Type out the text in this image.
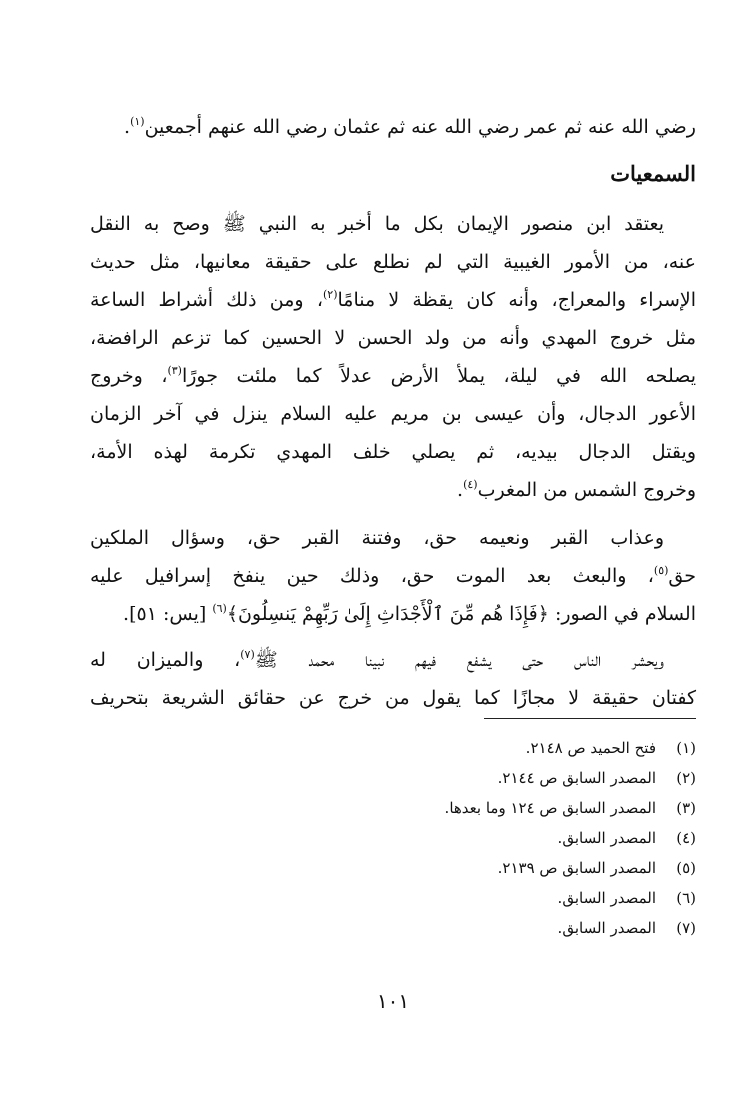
رضي الله عنه ثم عمر رضي الله عنه ثم عثمان رضي الله عنهم أجمعين$^{(١)}$.
السمعيات
يعتقد ابن منصور الإيمان بكل ما أخبر به النبي ﷺ وصح به النقل
عنه، من الأمور الغيبية التي لم نطلع على حقيقة معانيها، مثل حديث
الإسراء والمعراج، وأنه كان يقظة لا منامًا$^{(٢)}$، ومن ذلك أشراط الساعة
مثل خروج المهدي وأنه من ولد الحسن لا الحسين كما تزعم الرافضة،
يصلحه الله في ليلة، يملأ الأرض عدلاً كما ملئت جورًا$^{(٣)}$، وخروج
الأعور الدجال، وأن عيسى بن مريم عليه السلام ينزل في آخر الزمان
ويقتل الدجال بيديه، ثم يصلي خلف المهدي تكرمة لهذه الأمة،
وخروج الشمس من المغرب$^{(٤)}$.
وعذاب القبر ونعيمه حق، وفتنة القبر حق، وسؤال الملكين
حق$^{(٥)}$، والبعث بعد الموت حق، وذلك حين ينفخ إسرافيل عليه
السلام في الصور: ﴿فَإِذَا هُم مِّنَ ٱلْأَجْدَاثِ إِلَىٰ رَبِّهِمْ يَنسِلُونَ﴾$^{(٦)}$ [يس: ٥١].
ويحشر الناس حتى يشفع فيهم نبينا محمد ﷺ$^{(٧)}$، والميزان له
كفتان حقيقة لا مجازًا كما يقول من خرج عن حقائق الشريعة بتحريف
(١)فتح الحميد ص ٢١٤٨.
(٢)المصدر السابق ص ٢١٤٤.
(٣)المصدر السابق ص ١٢٤ وما بعدها.
(٤)المصدر السابق.
(٥)المصدر السابق ص ٢١٣٩.
(٦)المصدر السابق.
(٧)المصدر السابق.
١٠١
